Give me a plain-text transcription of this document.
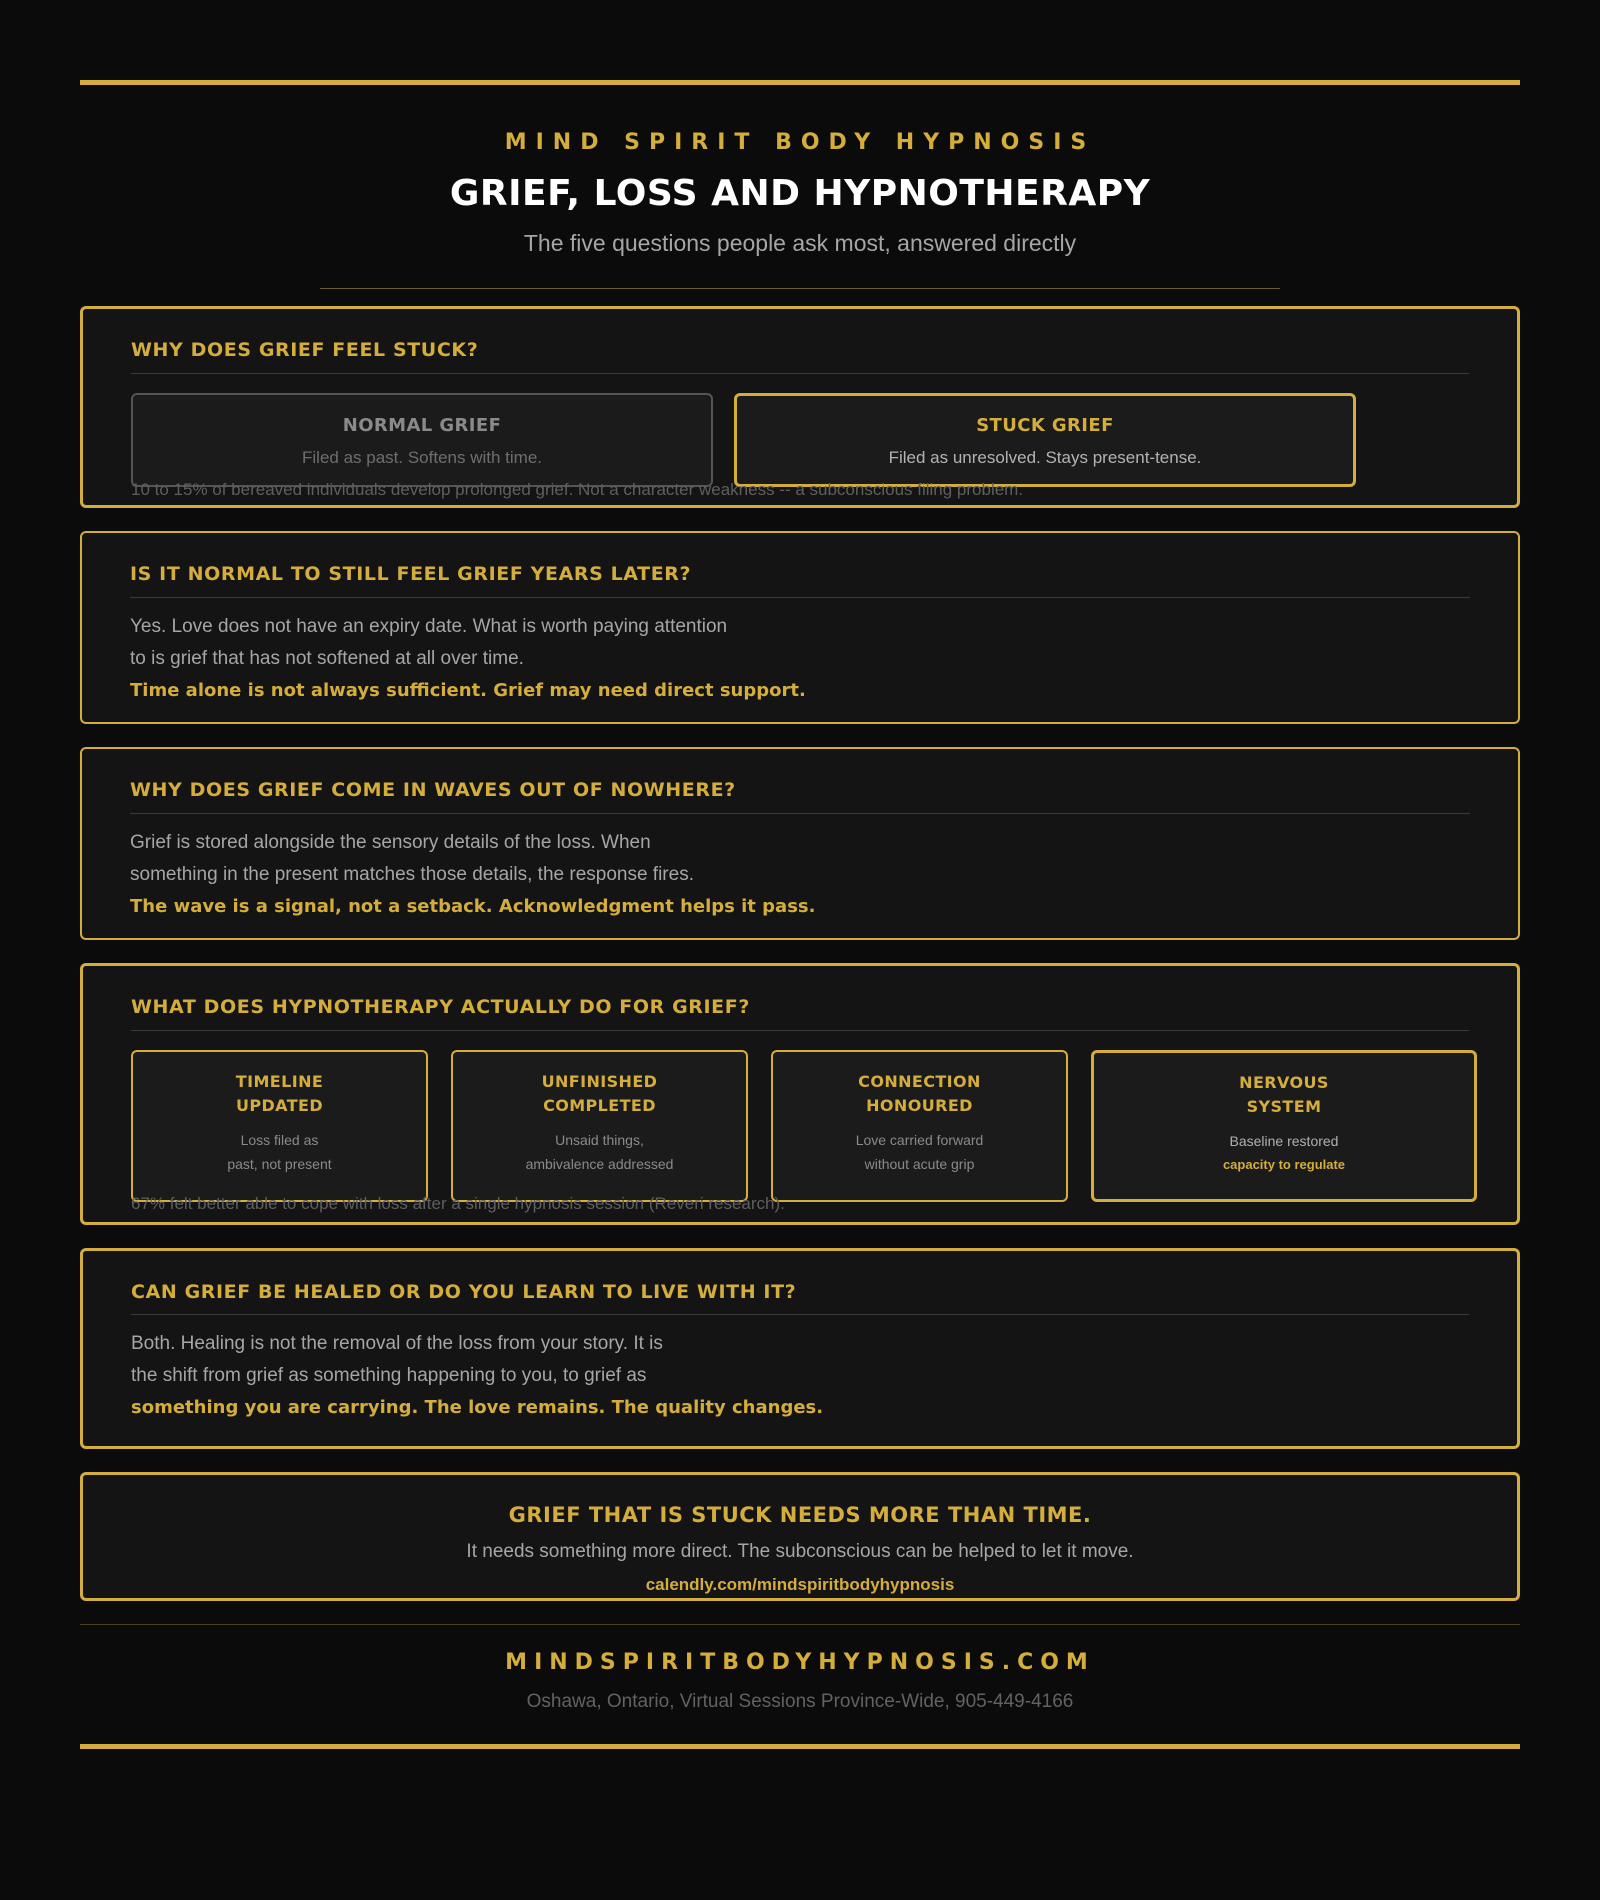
MIND SPIRIT BODY HYPNOSIS
GRIEF, LOSS AND HYPNOTHERAPY
The five questions people ask most, answered directly
WHY DOES GRIEF FEEL STUCK?
NORMAL GRIEF
Filed as past. Softens with time.
STUCK GRIEF
Filed as unresolved. Stays present-tense.
10 to 15% of bereaved individuals develop prolonged grief. Not a character weakness -- a subconscious filing problem.
IS IT NORMAL TO STILL FEEL GRIEF YEARS LATER?
Yes. Love does not have an expiry date. What is worth paying attention
to is grief that has not softened at all over time.
Time alone is not always sufficient. Grief may need direct support.
WHY DOES GRIEF COME IN WAVES OUT OF NOWHERE?
Grief is stored alongside the sensory details of the loss. When
something in the present matches those details, the response fires.
The wave is a signal, not a setback. Acknowledgment helps it pass.
WHAT DOES HYPNOTHERAPY ACTUALLY DO FOR GRIEF?
TIMELINE
UPDATED
Loss filed as
past, not present
UNFINISHED
COMPLETED
Unsaid things,
ambivalence addressed
CONNECTION
HONOURED
Love carried forward
without acute grip
NERVOUS
SYSTEM
Baseline restored
capacity to regulate
67% felt better able to cope with loss after a single hypnosis session (Reveri research).
CAN GRIEF BE HEALED OR DO YOU LEARN TO LIVE WITH IT?
Both. Healing is not the removal of the loss from your story. It is
the shift from grief as something happening to you, to grief as
something you are carrying. The love remains. The quality changes.
GRIEF THAT IS STUCK NEEDS MORE THAN TIME.
It needs something more direct. The subconscious can be helped to let it move.
calendly.com/mindspiritbodyhypnosis
MINDSPIRITBODYHYPNOSIS.COM
Oshawa, Ontario, Virtual Sessions Province-Wide, 905-449-4166
